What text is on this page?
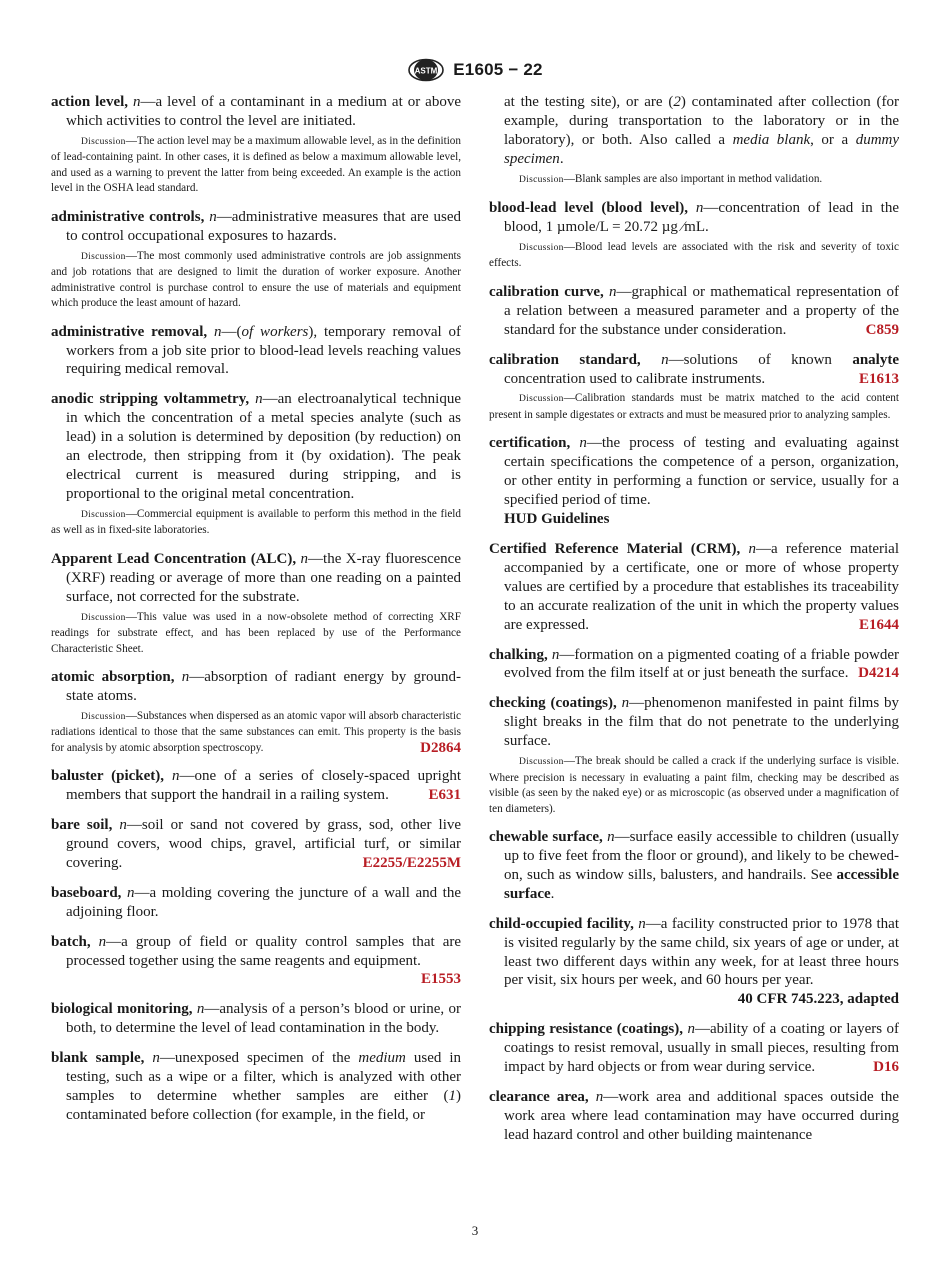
ASTM E1605 − 22

action level, n—a level of a contaminant in a medium at or above which activities to control the level are initiated.

Discussion—The action level may be a maximum allowable level, as in the definition of lead-containing paint. In other cases, it is defined as below a maximum allowable level, and used as a warning to prevent the latter from being exceeded. An example is the action level in the OSHA lead standard.

administrative controls, n—administrative measures that are used to control occupational exposures to hazards.

Discussion—The most commonly used administrative controls are job assignments and job rotations that are designed to limit the duration of worker exposure. Another administrative control is purchase control to ensure the use of materials and equipment which produce the least amount of hazard.

administrative removal, n—(of workers), temporary removal of workers from a job site prior to blood-lead levels reaching values requiring medical removal.

anodic stripping voltammetry, n—an electroanalytical technique in which the concentration of a metal species analyte (such as lead) in a solution is determined by deposition (by reduction) on an electrode, then stripping from it (by oxidation). The peak electrical current is measured during stripping, and is proportional to the original metal concentration.

Discussion—Commercial equipment is available to perform this method in the field as well as in fixed-site laboratories.

Apparent Lead Concentration (ALC), n—the X-ray fluorescence (XRF) reading or average of more than one reading on a painted surface, not corrected for the substrate.

Discussion—This value was used in a now-obsolete method of correcting XRF readings for substrate effect, and has been replaced by use of the Performance Characteristic Sheet.

atomic absorption, n—absorption of radiant energy by ground-state atoms.

Discussion—Substances when dispersed as an atomic vapor will absorb characteristic radiations identical to those that the same substances can emit. This property is the basis for analysis by atomic absorption spectroscopy.	D2864

baluster (picket), n—one of a series of closely-spaced upright members that support the handrail in a railing system.	E631

bare soil, n—soil or sand not covered by grass, sod, other live ground covers, wood chips, gravel, artificial turf, or similar covering.	E2255/E2255M

baseboard, n—a molding covering the juncture of a wall and the adjoining floor.

batch, n—a group of field or quality control samples that are processed together using the same reagents and equipment.
E1553

biological monitoring, n—analysis of a person’s blood or urine, or both, to determine the level of lead contamination in the body.

blank sample, n—unexposed specimen of the medium used in testing, such as a wipe or a filter, which is analyzed with other samples to determine whether samples are either (1) contaminated before collection (for example, in the field, or

at the testing site), or are (2) contaminated after collection (for example, during transportation to the laboratory or in the laboratory), or both. Also called a media blank, or a dummy specimen.

Discussion—Blank samples are also important in method validation.

blood-lead level (blood level), n—concentration of lead in the blood, 1 µmole/L = 20.72 µg ⁄mL.

Discussion—Blood lead levels are associated with the risk and severity of toxic effects.

calibration curve, n—graphical or mathematical representation of a relation between a measured parameter and a property of the standard for the substance under consideration.	C859

calibration standard, n—solutions of known analyte concentration used to calibrate instruments.	E1613

Discussion—Calibration standards must be matrix matched to the acid content present in sample digestates or extracts and must be measured prior to analyzing samples.

certification, n—the process of testing and evaluating against certain specifications the competence of a person, organization, or other entity in performing a function or service, usually for a specified period of time.
HUD Guidelines

Certified Reference Material (CRM), n—a reference material accompanied by a certificate, one or more of whose property values are certified by a procedure that establishes its traceability to an accurate realization of the unit in which the property values are expressed.	E1644

chalking, n—formation on a pigmented coating of a friable powder evolved from the film itself at or just beneath the surface. D4214

checking (coatings), n—phenomenon manifested in paint films by slight breaks in the film that do not penetrate to the underlying surface.

Discussion—The break should be called a crack if the underlying surface is visible. Where precision is necessary in evaluating a paint film, checking may be described as visible (as seen by the naked eye) or as microscopic (as observed under a magnification of ten diameters).

chewable surface, n—surface easily accessible to children (usually up to five feet from the floor or ground), and likely to be chewed-on, such as window sills, balusters, and handrails. See accessible surface.

child-occupied facility, n—a facility constructed prior to 1978 that is visited regularly by the same child, six years of age or under, at least two different days within any week, for at least three hours per visit, six hours per week, and 60 hours per year.
40 CFR 745.223, adapted

chipping resistance (coatings), n—ability of a coating or layers of coatings to resist removal, usually in small pieces, resulting from impact by hard objects or from wear during service.	D16

clearance area, n—work area and additional spaces outside the work area where lead contamination may have occurred during lead hazard control and other building maintenance

3
